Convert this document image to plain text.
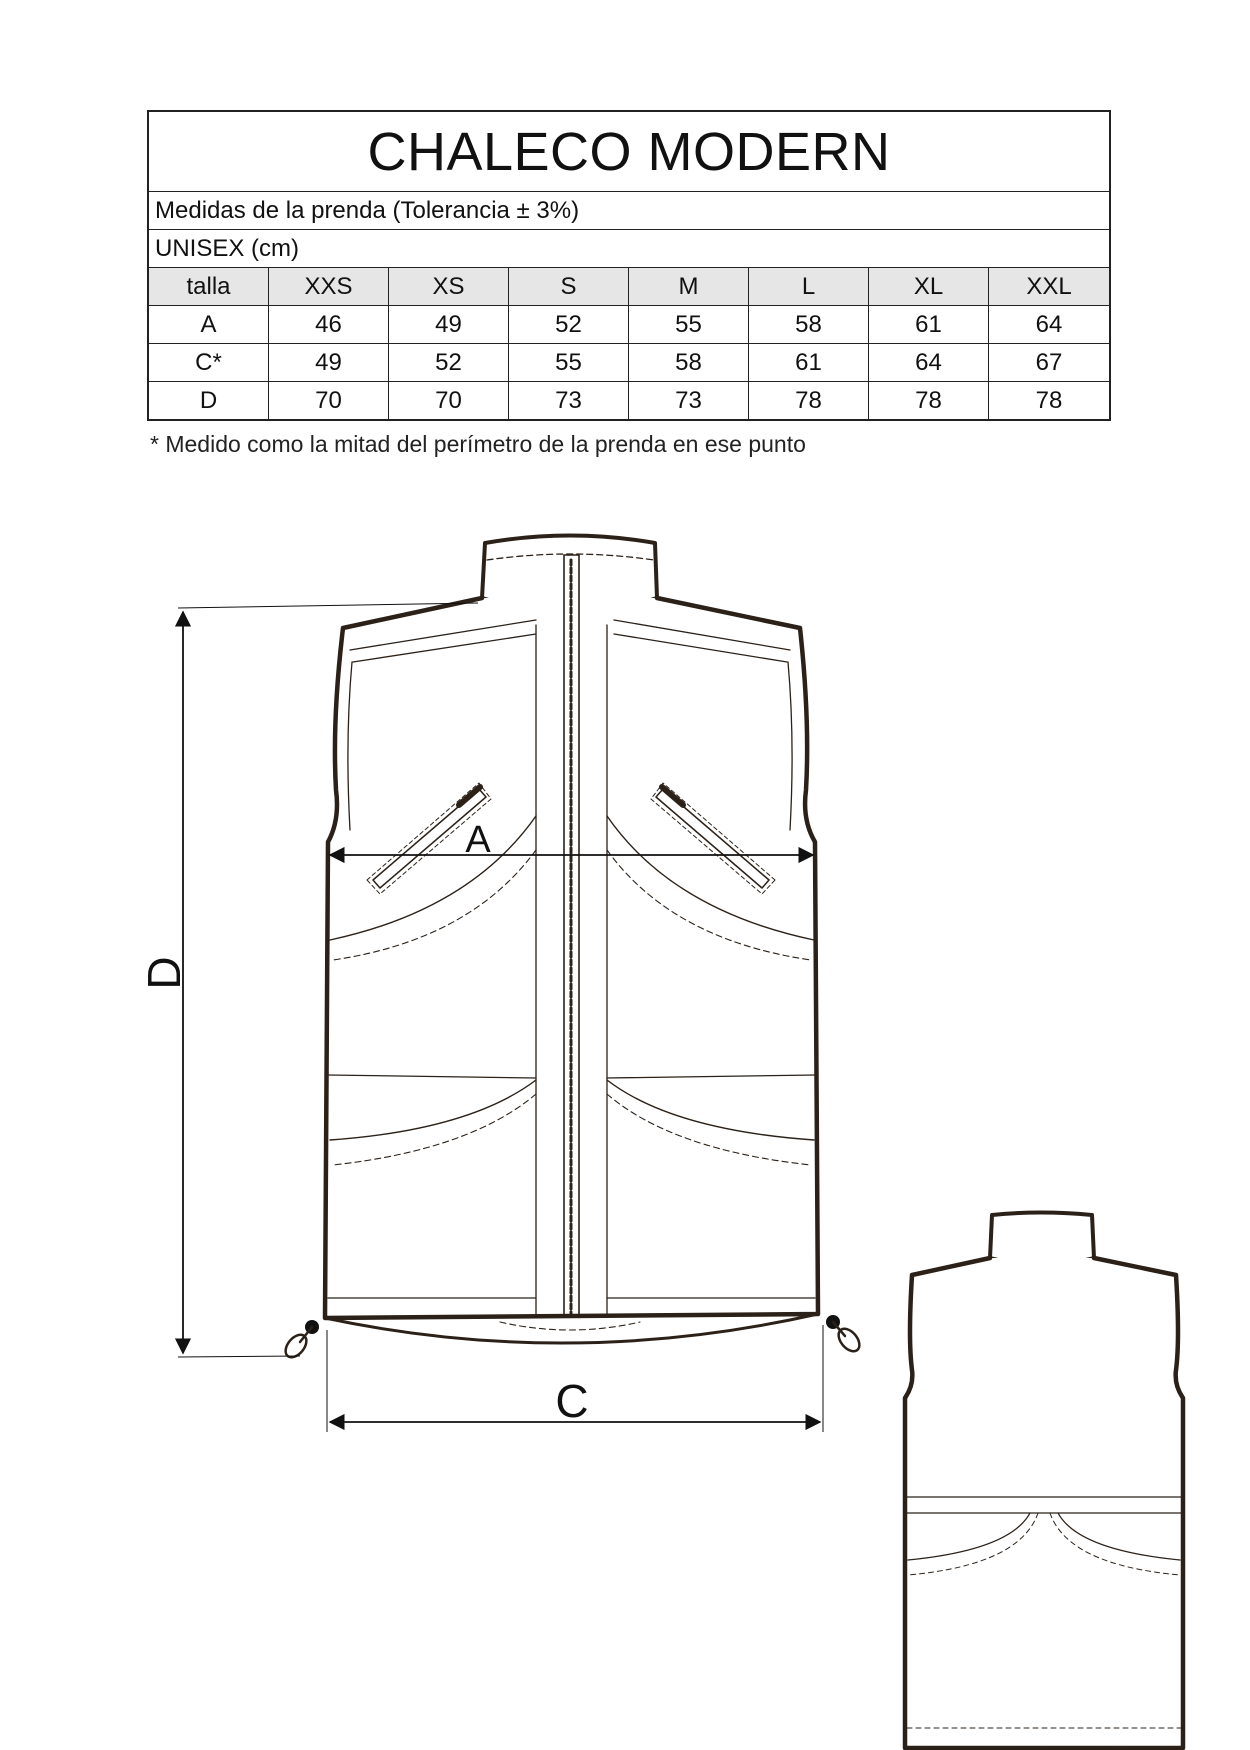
CHALECO MODERN
Medidas de la prenda (Tolerancia ± 3%)
UNISEX (cm)
talla	XXS	XS	S	M	L	XL	XXL
A	46	49	52	55	58	61	64
C*	49	52	55	58	61	64	67
D	70	70	73	73	78	78	78
* Medido como la mitad del perímetro de la prenda en ese punto
A
C
D
